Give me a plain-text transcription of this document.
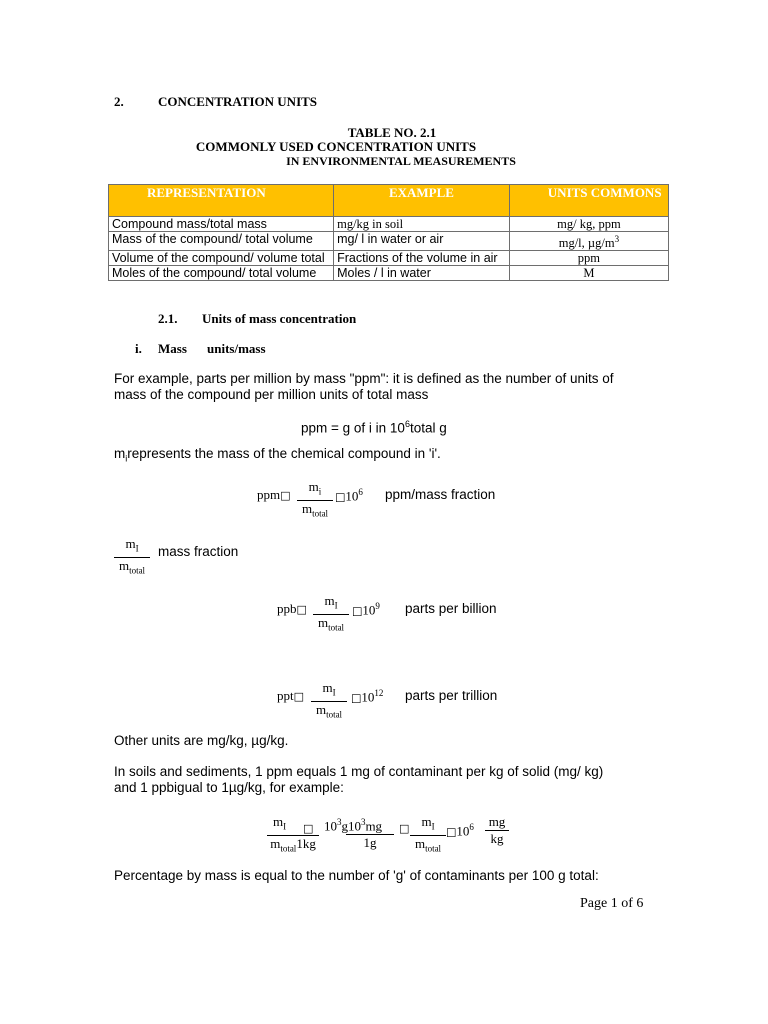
2.	CONCENTRATION UNITS
TABLE NO. 2.1
COMMONLY USED CONCENTRATION UNITS
IN ENVIRONMENTAL MEASUREMENTS
REPRESENTATION	EXAMPLE	UNITS COMMONS
Compound mass/total mass	mg/kg in soil	mg/ kg, ppm
Mass of the compound/ total volume	mg/ l in water or air	mg/l, $\mu g/m^3$
Volume of the compound/ volume total	Fractions of the volume in air	ppm
Moles of the compound/ total volume	Moles / l in water	M
2.1. Units of mass concentration
i. Mass units/mass
For example, parts per million by mass "ppm": it is defined as the number of units of mass of the compound per million units of total mass
ppm = g of i in $10^6total$ g
$m_irepresents$ the mass of the chemical compound in 'i'.
ppm□
$m_i$
$m_{total}$
$□10^6$ ppm/mass fraction
$m_I$
$m_{total}$
mass fraction
ppb□
$m_I$
$m_{total}$
$□10^9$ parts per billion
ppt□
$m_I$
$m_{total}$
$□10^{12}$ parts per trillion
Other units are mg/kg, µg/kg.
In soils and sediments, 1 ppm equals 1 mg of contaminant per kg of solid (mg/ kg) and 1 ppbigual to 1µg/kg, for example:
$m_I$
$m_{total}1kg$
□ $10^3g10^3mg$
1g
□ $m_I$
$m_{total}$
$□10^6$ mg
kg
Percentage by mass is equal to the number of 'g' of contaminants per 100 g total:
Page 1 of 6
